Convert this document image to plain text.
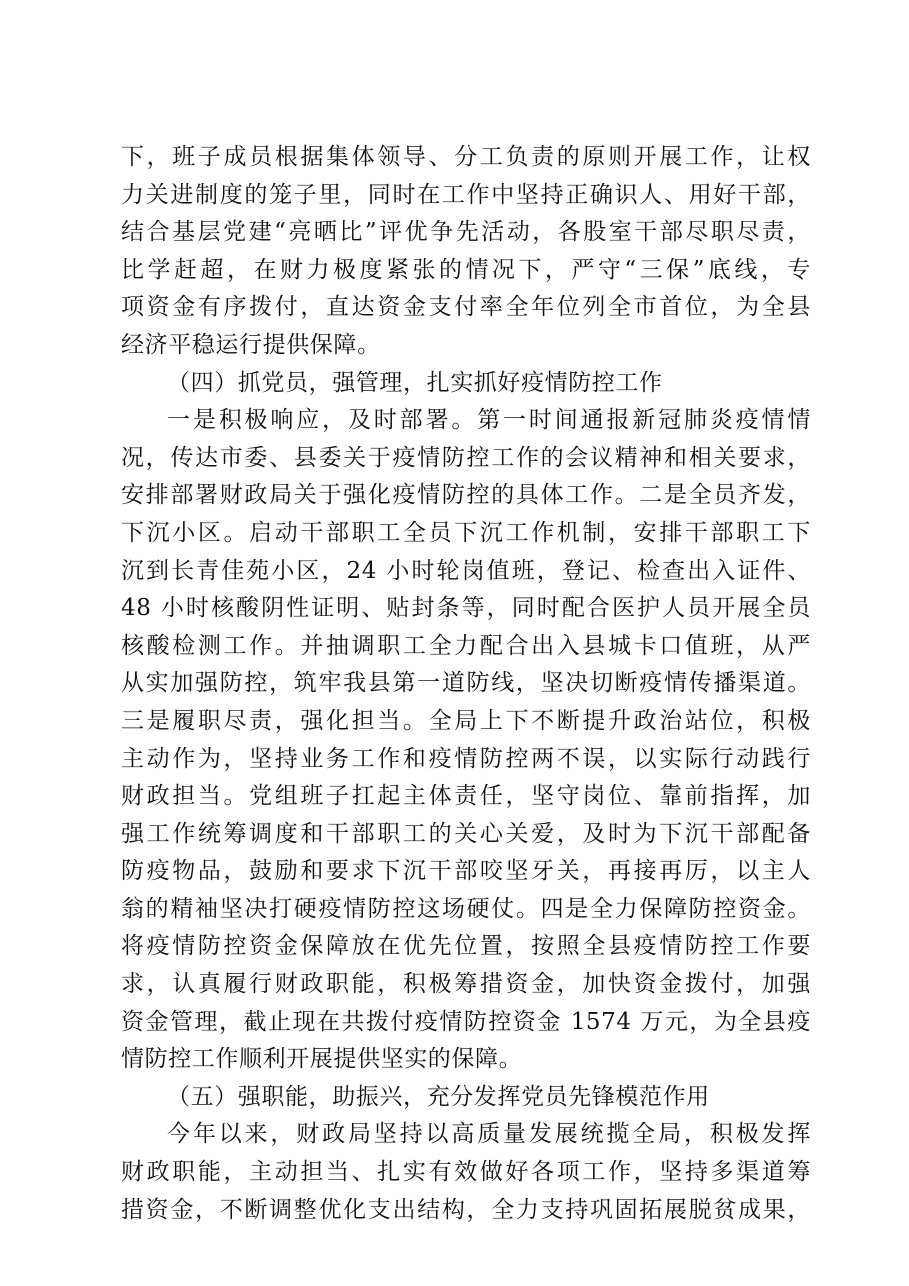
下，班子成员根据集体领导、分工负责的原则开展工作，让权
力关进制度的笼子里，同时在工作中坚持正确识人、用好干部，
结合基层党建“亮晒比”评优争先活动，各股室干部尽职尽责，
比学赶超，在财力极度紧张的情况下，严守“三保”底线，专
项资金有序拨付，直达资金支付率全年位列全市首位，为全县
经济平稳运行提供保障。
（四）抓党员，强管理，扎实抓好疫情防控工作
一是积极响应，及时部署。第一时间通报新冠肺炎疫情情
况，传达市委、县委关于疫情防控工作的会议精神和相关要求，
安排部署财政局关于强化疫情防控的具体工作。二是全员齐发，
下沉小区。启动干部职工全员下沉工作机制，安排干部职工下
沉到长青佳苑小区，24 小时轮岗值班，登记、检查出入证件、
48 小时核酸阴性证明、贴封条等，同时配合医护人员开展全员
核酸检测工作。并抽调职工全力配合出入县城卡口值班，从严
从实加强防控，筑牢我县第一道防线，坚决切断疫情传播渠道。
三是履职尽责，强化担当。全局上下不断提升政治站位，积极
主动作为，坚持业务工作和疫情防控两不误，以实际行动践行
财政担当。党组班子扛起主体责任，坚守岗位、靠前指挥，加
强工作统筹调度和干部职工的关心关爱，及时为下沉干部配备
防疫物品，鼓励和要求下沉干部咬坚牙关，再接再厉，以主人
翁的精袖坚决打硬疫情防控这场硬仗。四是全力保障防控资金。
将疫情防控资金保障放在优先位置，按照全县疫情防控工作要
求，认真履行财政职能，积极筹措资金，加快资金拨付，加强
资金管理，截止现在共拨付疫情防控资金 1574 万元，为全县疫
情防控工作顺利开展提供坚实的保障。
（五）强职能，助振兴，充分发挥党员先锋模范作用
今年以来，财政局坚持以高质量发展统揽全局，积极发挥
财政职能，主动担当、扎实有效做好各项工作，坚持多渠道筹
措资金，不断调整优化支出结构，全力支持巩固拓展脱贫成果，
